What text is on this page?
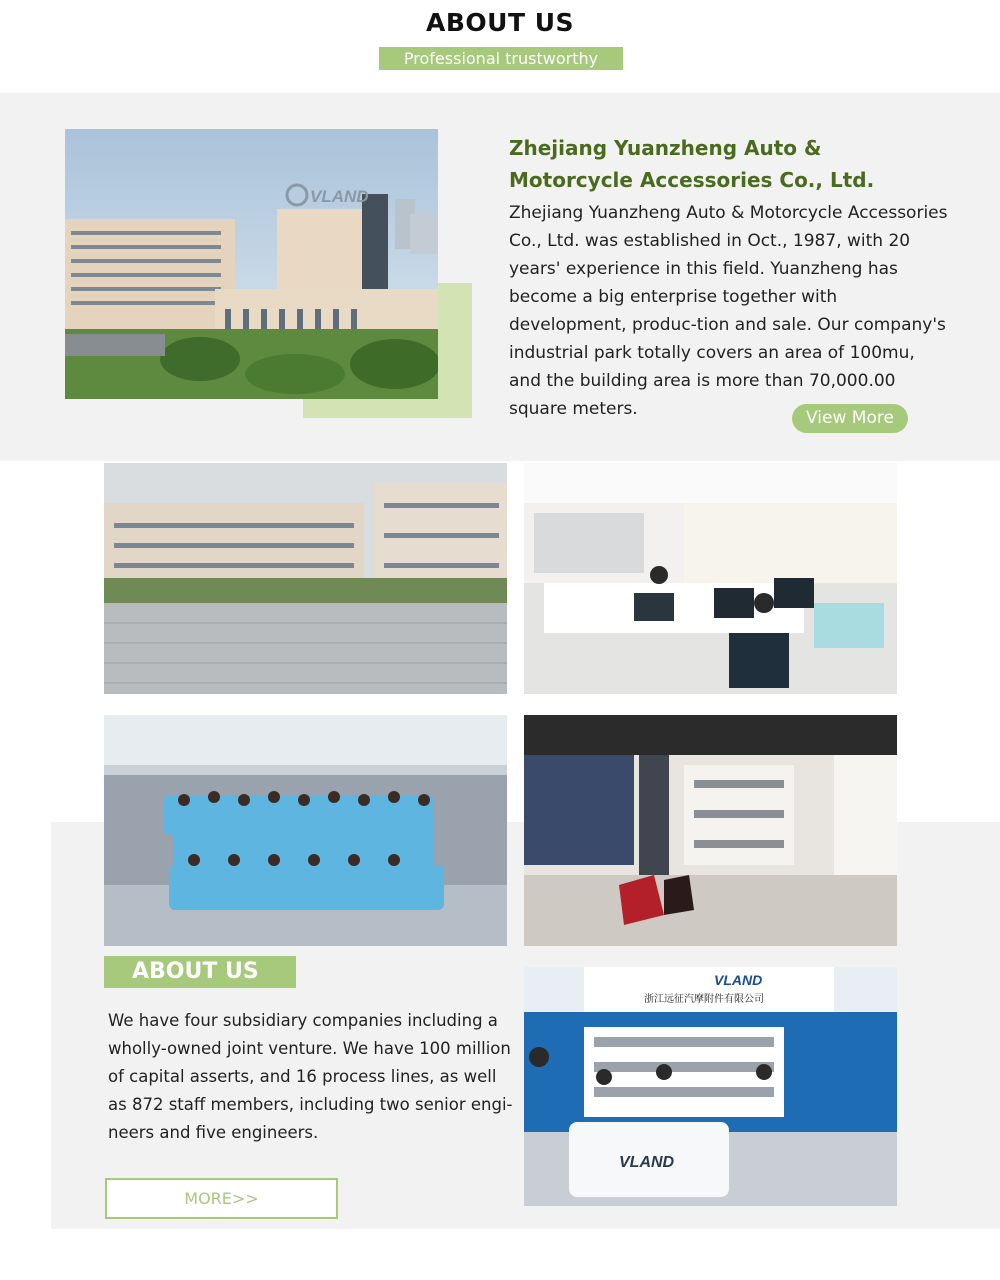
ABOUT US
Professional trustworthy
VLAND
Zhejiang Yuanzheng Auto & Motorcycle Accessories Co., Ltd.
Zhejiang Yuanzheng Auto & Motorcycle Accessories Co., Ltd. was established in Oct., 1987, with 20 years' experience in this field. Yuanzheng has become a big enterprise together with development, produc-tion and sale. Our company's industrial park totally covers an area of 100mu, and the building area is more than 70,000.00 square meters.	View More
VLAND
浙江远征汽摩附件有限公司
VLAND
ABOUT US
We have four subsidiary companies including a wholly-owned joint venture. We have 100 million of capital asserts, and 16 process lines, as well as 872 staff members, including two senior engi-neers and five engineers.
MORE>>
